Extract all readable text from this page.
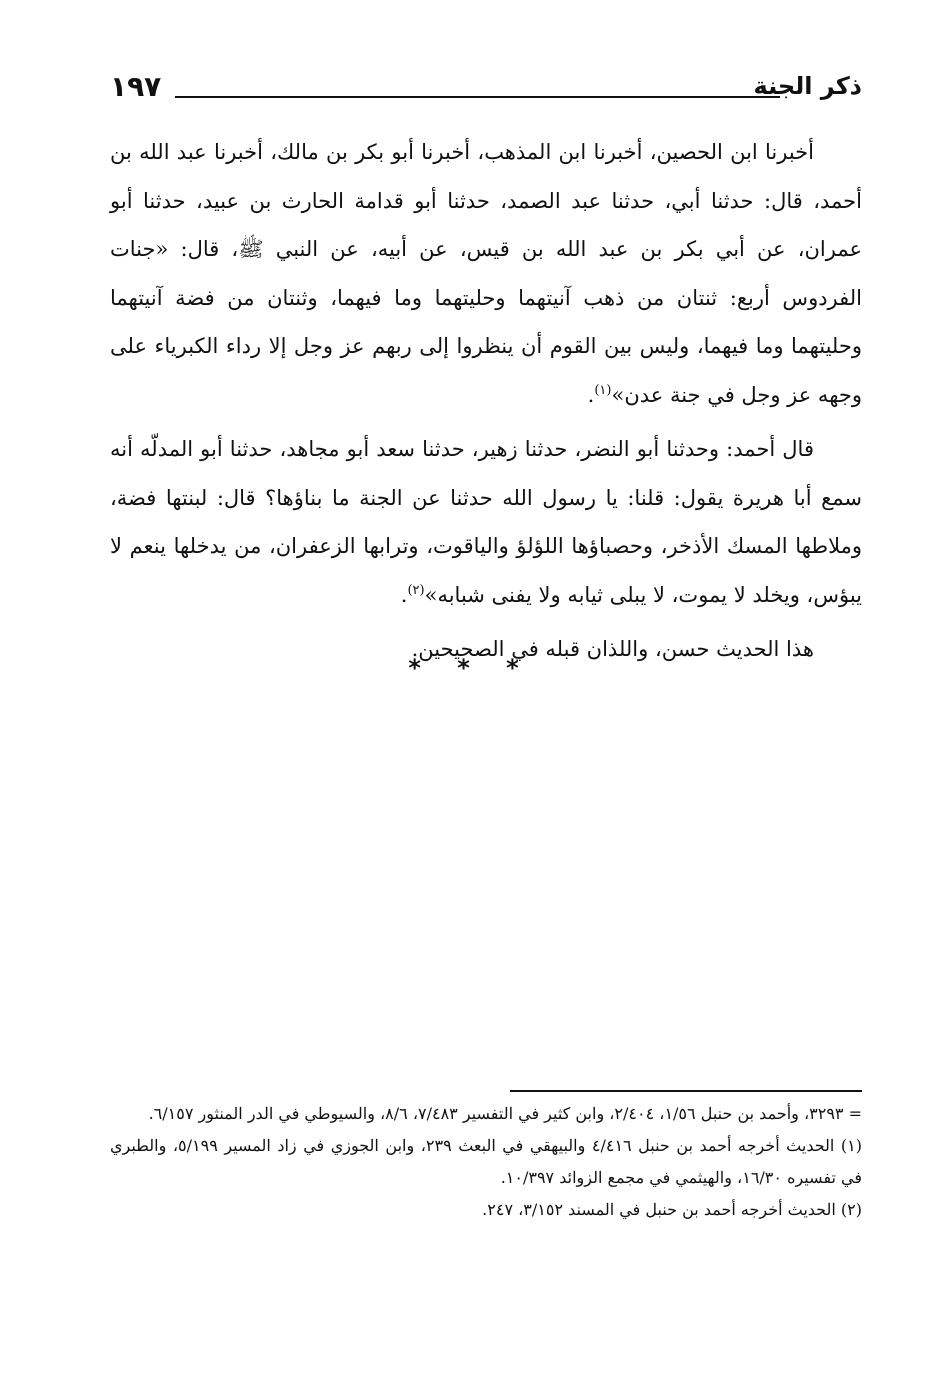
١٩٧	ذكر الجنة

أخبرنا ابن الحصين، أخبرنا ابن المذهب، أخبرنا أبو بكر بن مالك، أخبرنا عبد الله بن أحمد، قال: حدثنا أبي، حدثنا عبد الصمد، حدثنا أبو قدامة الحارث بن عبيد، حدثنا أبو عمران، عن أبي بكر بن عبد الله بن قيس، عن أبيه، عن النبي ﷺ، قال: «جنات الفردوس أربع: ثنتان من ذهب آنيتهما وحليتهما وما فيهما، وثنتان من فضة آنيتهما وحليتهما وما فيهما، وليس بين القوم أن ينظروا إلى ربهم عز وجل إلا رداء الكبرياء على وجهه عز وجل في جنة عدن»$^{(١)}$.

قال أحمد: وحدثنا أبو النضر، حدثنا زهير، حدثنا سعد أبو مجاهد، حدثنا أبو المدلّه أنه سمع أبا هريرة يقول: قلنا: يا رسول الله حدثنا عن الجنة ما بناؤها؟ قال: لبنتها فضة، وملاطها المسك الأذخر، وحصباؤها اللؤلؤ والياقوت، وترابها الزعفران، من يدخلها ينعم لا يبؤس، ويخلد لا يموت، لا يبلى ثيابه ولا يفنى شبابه»$^{(٢)}$.

هذا الحديث حسن، واللذان قبله في الصحيحين.

* * *

= ٣٢٩٣، وأحمد بن حنبل ١/٥٦، ٢/٤٠٤، وابن كثير في التفسير ٧/٤٨٣، ٨/٦، والسيوطي في الدر المنثور ٦/١٥٧.

(١) الحديث أخرجه أحمد بن حنبل ٤/٤١٦ والبيهقي في البعث ٢٣٩، وابن الجوزي في زاد المسير ٥/١٩٩، والطبري في تفسيره ١٦/٣٠، والهيثمي في مجمع الزوائد ١٠/٣٩٧.

(٢) الحديث أخرجه أحمد بن حنبل في المسند ٣/١٥٢، ٢٤٧.
